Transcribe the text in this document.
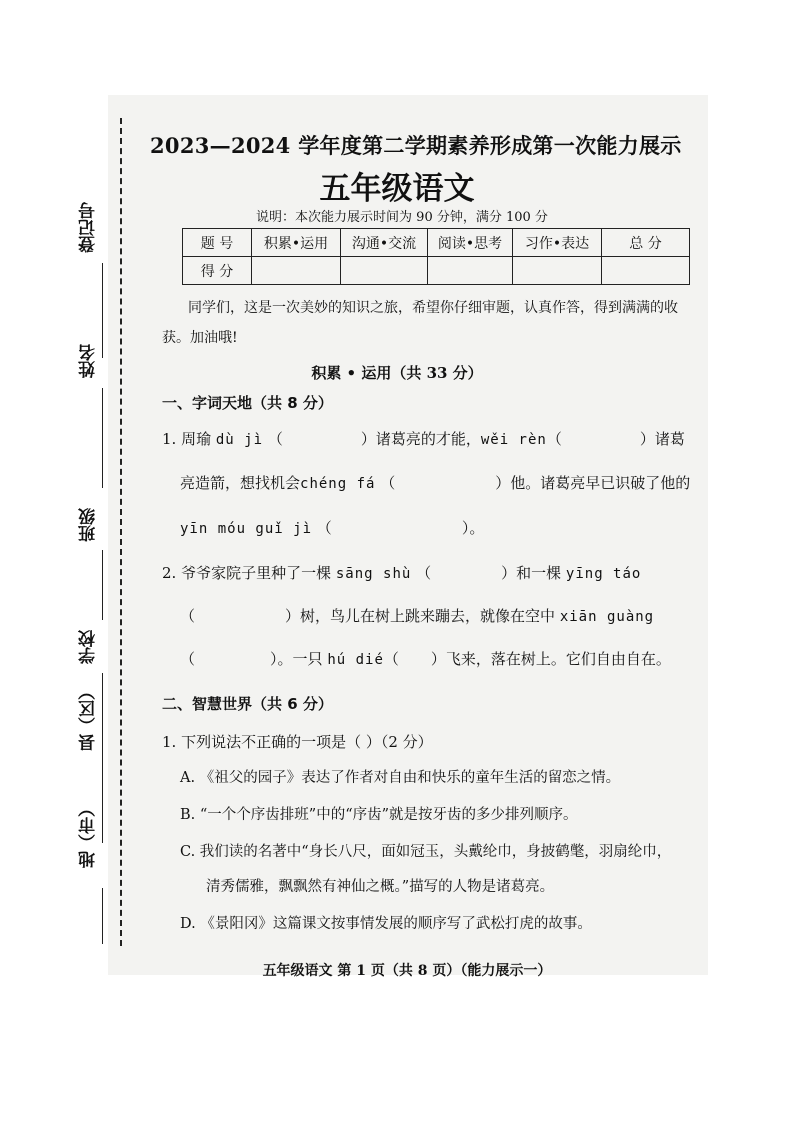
登记号
姓名
班级
学校
县（区）
地（市）
2023—2024 学年度第二学期素养形成第一次能力展示
五年级语文
说明：本次能力展示时间为 90 分钟，满分 100 分
题 号	积累•运用	沟通•交流	阅读•思考	习作•表达	总 分
得 分					
同学们，这是一次美妙的知识之旅，希望你仔细审题，认真作答，得到满满的收获。加油哦!
积累 • 运用（共 33 分）
一、字词天地（共 8 分）
1. 周瑜 dù jì （	）诸葛亮的才能，wěi rèn（	）诸葛
亮造箭，想找机会chéng fá （	）他。诸葛亮早已识破了他的
yīn móu guǐ jì （	）。
2. 爷爷家院子里种了一棵 sāng shù （	）和一棵 yīng táo
（	）树，鸟儿在树上跳来蹦去，就像在空中 xiān guàng
（	）。一只 hú dié（ ）飞来，落在树上。它们自由自在。
二、智慧世界（共 6 分）
1. 下列说法不正确的一项是（ ）（2 分）
A. 《祖父的园子》表达了作者对自由和快乐的童年生活的留恋之情。
B. “一个个序齿排班”中的“序齿”就是按牙齿的多少排列顺序。
C. 我们读的名著中“身长八尺，面如冠玉，头戴纶巾，身披鹤氅，羽扇纶巾，
清秀儒雅，飘飘然有神仙之概。”描写的人物是诸葛亮。
D. 《景阳冈》这篇课文按事情发展的顺序写了武松打虎的故事。
五年级语文 第 1 页（共 8 页）（能力展示一）
